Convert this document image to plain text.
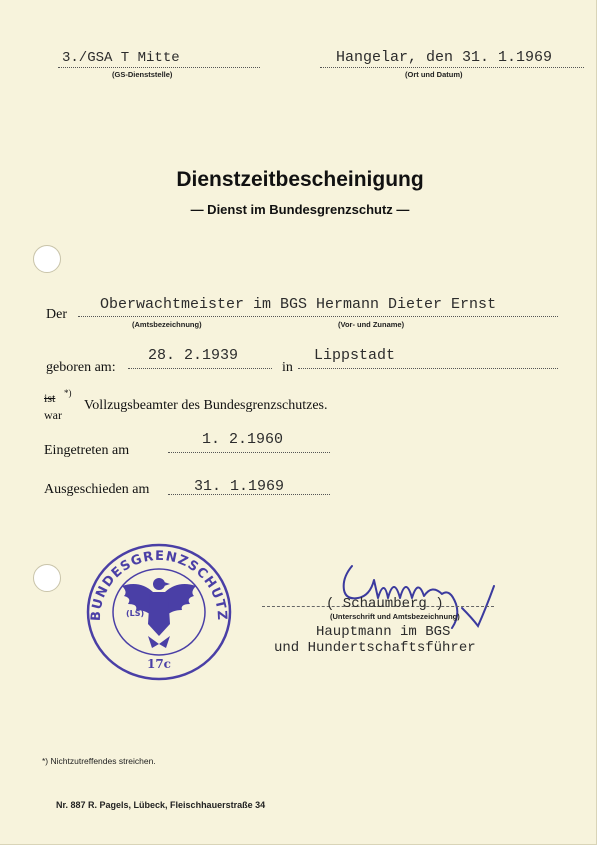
3./GSA T Mitte
(GS-Dienststelle)
Hangelar, den 31. 1.1969
(Ort und Datum)
Dienstzeitbescheinigung
— Dienst im Bundesgrenzschutz —
Der
Oberwachtmeister im BGS Hermann Dieter Ernst
(Amtsbezeichnung)	(Vor- und Zuname)
geboren am:
28. 2.1939
in
Lippstadt
ist *)
war
Vollzugsbeamter des Bundesgrenzschutzes.
Eingetreten am
1. 2.1960
Ausgeschieden am	31. 1.1969
BUNDESGRENZSCHUTZ
(LS)
17c
( Schaumberg )
(Unterschrift und Amtsbezeichnung)
Hauptmann im BGS
und Hundertschaftsführer
*) Nichtzutreffendes streichen.
Nr. 887 R. Pagels, Lübeck, Fleischhauerstraße 34
